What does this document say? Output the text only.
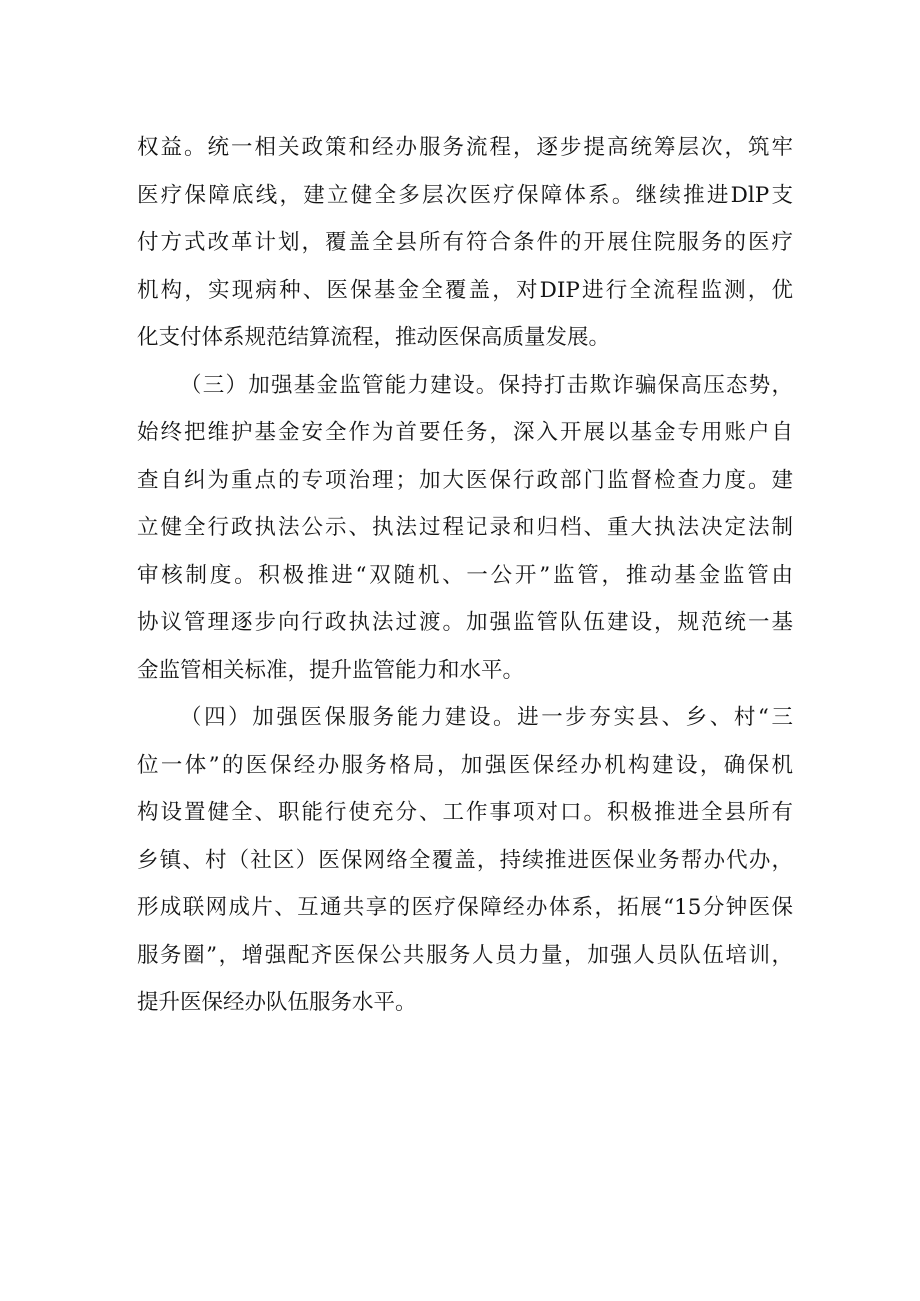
权益。统一相关政策和经办服务流程，逐步提高统筹层次，筑牢
医疗保障底线，建立健全多层次医疗保障体系。继续推进DlP支
付方式改革计划，覆盖全县所有符合条件的开展住院服务的医疗
机构，实现病种、医保基金全覆盖，对DIP进行全流程监测，优
化支付体系规范结算流程，推动医保高质量发展。
（三）加强基金监管能力建设。保持打击欺诈骗保高压态势，
始终把维护基金安全作为首要任务，深入开展以基金专用账户自
查自纠为重点的专项治理；加大医保行政部门监督检查力度。建
立健全行政执法公示、执法过程记录和归档、重大执法决定法制
审核制度。积极推进“双随机、一公开”监管，推动基金监管由
协议管理逐步向行政执法过渡。加强监管队伍建设，规范统一基
金监管相关标准，提升监管能力和水平。
（四）加强医保服务能力建设。进一步夯实县、乡、村“三
位一体”的医保经办服务格局，加强医保经办机构建设，确保机
构设置健全、职能行使充分、工作事项对口。积极推进全县所有
乡镇、村（社区）医保网络全覆盖，持续推进医保业务帮办代办，
形成联网成片、互通共享的医疗保障经办体系，拓展“15分钟医保
服务圈”，增强配齐医保公共服务人员力量，加强人员队伍培训，
提升医保经办队伍服务水平。
